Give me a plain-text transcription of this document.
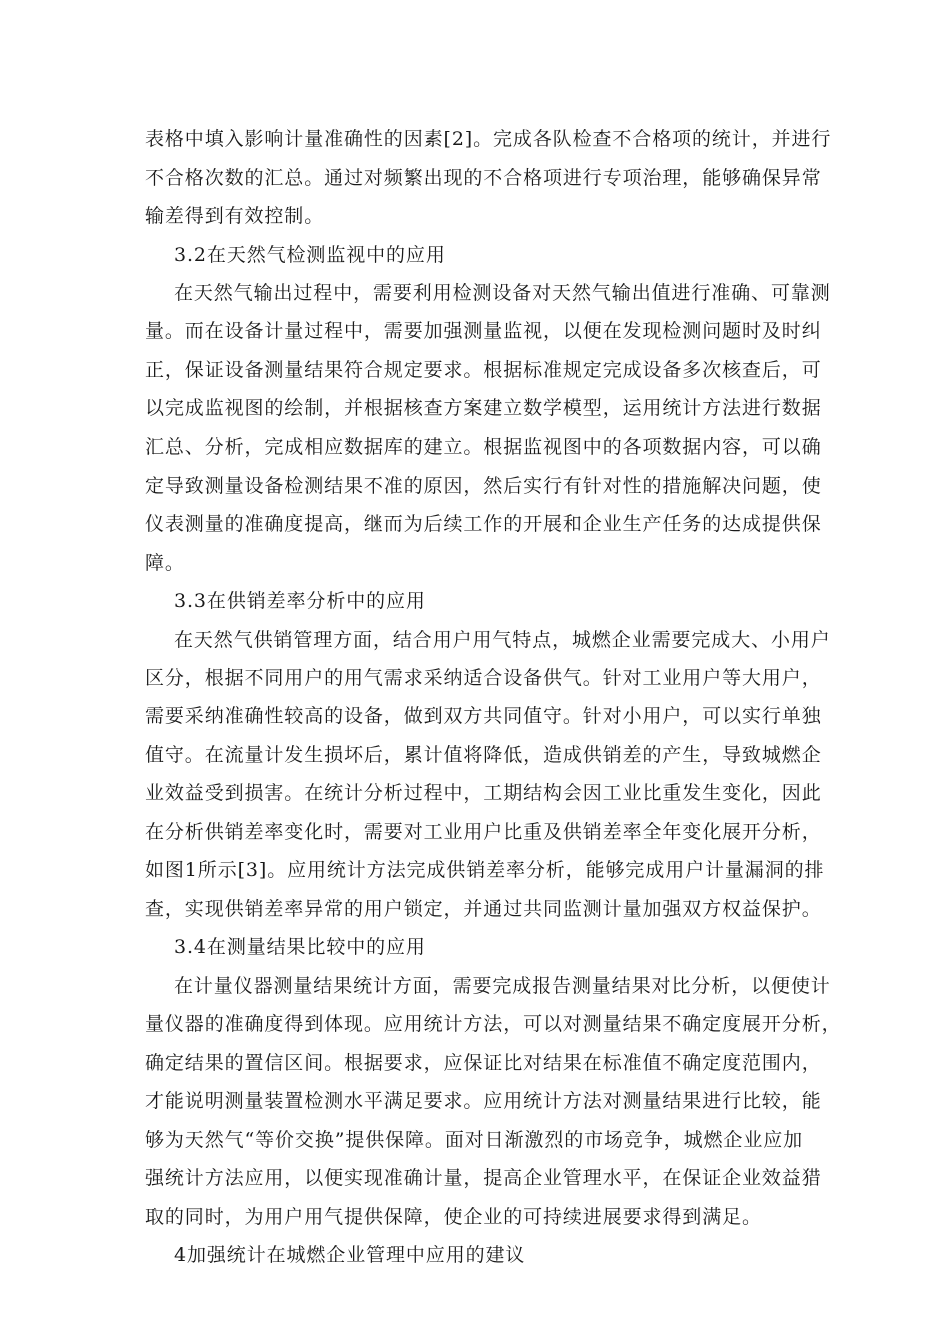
表格中填入影响计量准确性的因素[2]。完成各队检查不合格项的统计，并进行
不合格次数的汇总。通过对频繁出现的不合格项进行专项治理，能够确保异常
输差得到有效控制。
3.2在天然气检测监视中的应用
在天然气输出过程中，需要利用检测设备对天然气输出值进行准确、可靠测
量。而在设备计量过程中，需要加强测量监视，以便在发现检测问题时及时纠
正，保证设备测量结果符合规定要求。根据标准规定完成设备多次核查后，可
以完成监视图的绘制，并根据核查方案建立数学模型，运用统计方法进行数据
汇总、分析，完成相应数据库的建立。根据监视图中的各项数据内容，可以确
定导致测量设备检测结果不准的原因，然后实行有针对性的措施解决问题，使
仪表测量的准确度提高，继而为后续工作的开展和企业生产任务的达成提供保
障。
3.3在供销差率分析中的应用
在天然气供销管理方面，结合用户用气特点，城燃企业需要完成大、小用户
区分，根据不同用户的用气需求采纳适合设备供气。针对工业用户等大用户，
需要采纳准确性较高的设备，做到双方共同值守。针对小用户，可以实行单独
值守。在流量计发生损坏后，累计值将降低，造成供销差的产生，导致城燃企
业效益受到损害。在统计分析过程中，工期结构会因工业比重发生变化，因此
在分析供销差率变化时，需要对工业用户比重及供销差率全年变化展开分析，
如图1所示[3]。应用统计方法完成供销差率分析，能够完成用户计量漏洞的排
查，实现供销差率异常的用户锁定，并通过共同监测计量加强双方权益保护。
3.4在测量结果比较中的应用
在计量仪器测量结果统计方面，需要完成报告测量结果对比分析，以便使计
量仪器的准确度得到体现。应用统计方法，可以对测量结果不确定度展开分析，
确定结果的置信区间。根据要求，应保证比对结果在标准值不确定度范围内，
才能说明测量装置检测水平满足要求。应用统计方法对测量结果进行比较，能
够为天然气“等价交换”提供保障。面对日渐激烈的市场竞争，城燃企业应加
强统计方法应用，以便实现准确计量，提高企业管理水平，在保证企业效益猎
取的同时，为用户用气提供保障，使企业的可持续进展要求得到满足。
4加强统计在城燃企业管理中应用的建议
